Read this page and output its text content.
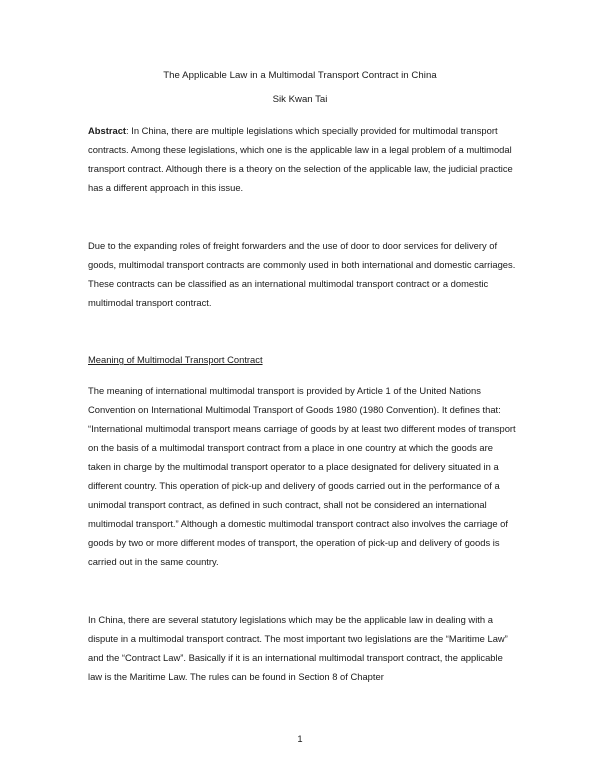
The Applicable Law in a Multimodal Transport Contract in China
Sik Kwan Tai

Abstract: In China, there are multiple legislations which specially provided for multimodal transport contracts. Among these legislations, which one is the applicable law in a legal problem of a multimodal transport contract. Although there is a theory on the selection of the applicable law, the judicial practice has a different approach in this issue.

Due to the expanding roles of freight forwarders and the use of door to door services for delivery of goods, multimodal transport contracts are commonly used in both international and domestic carriages. These contracts can be classified as an international multimodal transport contract or a domestic multimodal transport contract.

Meaning of Multimodal Transport Contract

The meaning of international multimodal transport is provided by Article 1 of the United Nations Convention on International Multimodal Transport of Goods 1980 (1980 Convention). It defines that: “International multimodal transport means carriage of goods by at least two different modes of transport on the basis of a multimodal transport contract from a place in one country at which the goods are taken in charge by the multimodal transport operator to a place designated for delivery situated in a different country. This operation of pick-up and delivery of goods carried out in the performance of a unimodal transport contract, as defined in such contract, shall not be considered an international multimodal transport.” Although a domestic multimodal transport contract also involves the carriage of goods by two or more different modes of transport, the operation of pick-up and delivery of goods is carried out in the same country.

In China, there are several statutory legislations which may be the applicable law in dealing with a dispute in a multimodal transport contract. The most important two legislations are the “Maritime Law” and the “Contract Law”. Basically if it is an international multimodal transport contract, the applicable law is the Maritime Law. The rules can be found in Section 8 of Chapter

1
